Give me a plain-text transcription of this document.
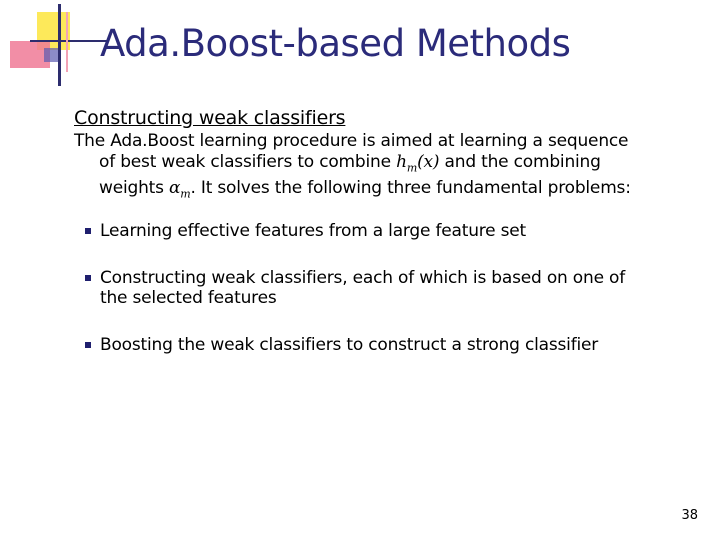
Ada.Boost-based Methods
Constructing weak classifiers
The Ada.Boost learning procedure is aimed at learning a sequence
of best weak classifiers to combine $h_m(x)$ and the combining
weights $\alpha_m$. It solves the following three fundamental problems:
Learning effective features from a large feature set
Constructing weak classifiers, each of which is based on one of
the selected features
Boosting the weak classifiers to construct a strong classifier
38
